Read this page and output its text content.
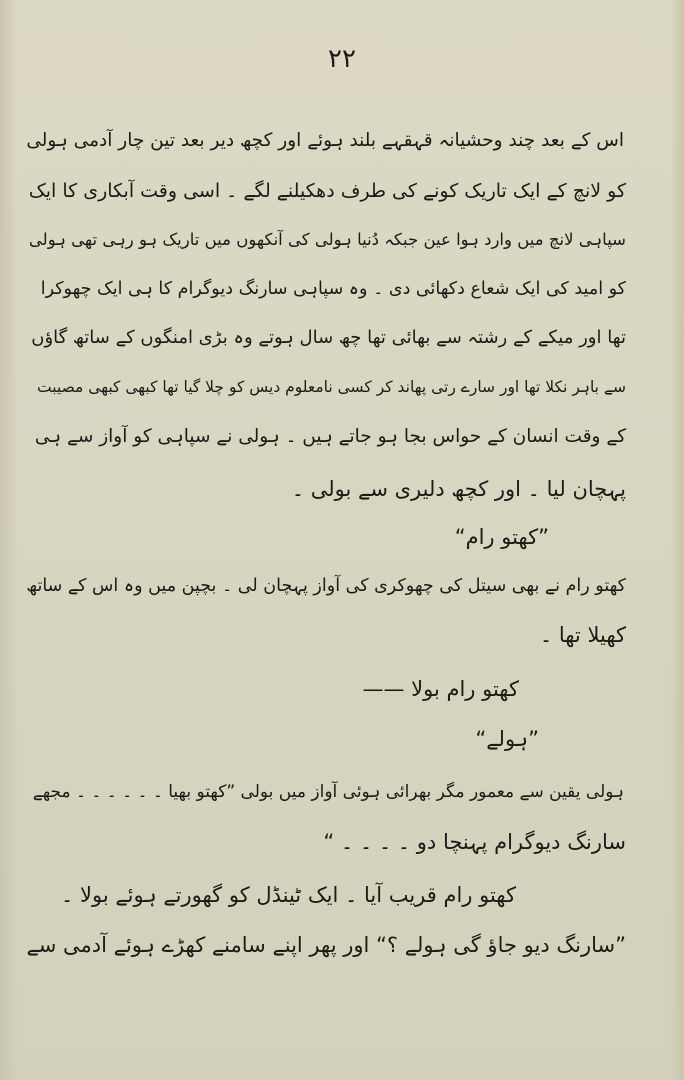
۲۲
اس کے بعد چند وحشیانہ قہقہے بلند ہوئے اور کچھ دیر بعد تین چار آدمی ہولی
کو لانچ کے ایک تاریک کونے کی طرف دھکیلنے لگے ۔ اسی وقت آبکاری کا ایک
سپاہی لانچ میں وارد ہوا عین جبکہ دُنیا ہولی کی آنکھوں میں تاریک ہو رہی تھی ہولی
کو امید کی ایک شعاع دکھائی دی ۔ وہ سپاہی سارنگ دیوگرام کا ہی ایک چھوکرا
تھا اور میکے کے رشتہ سے بھائی تھا چھ سال ہوتے وہ بڑی امنگوں کے ساتھ گاؤں
سے باہر نکلا تھا اور سارے رتی پھاند کر کسی نامعلوم دیس کو چلا گیا تھا کبھی کبھی مصیبت
کے وقت انسان کے حواس بجا ہو جاتے ہیں ۔ ہولی نے سپاہی کو آواز سے ہی
پہچان لیا ۔ اور کچھ دلیری سے بولی ۔
”کھتو رام“
کھتو رام نے بھی سیتل کی چھوکری کی آواز پہچان لی ۔ بچپن میں وہ اس کے ساتھ
کھیلا تھا ۔
کھتو رام بولا ——
”ہولے“
ہولی یقین سے معمور مگر بھرائی ہوئی آواز میں بولی ”کھتو بھیا ۔ ۔ ۔ ۔ ۔ ۔ مجھے
سارنگ دیوگرام پہنچا دو ۔ ۔ ۔ ۔ “
کھتو رام قریب آیا ۔ ایک ٹینڈل کو گھورتے ہوئے بولا ۔
”سارنگ دیو جاؤ گی ہولے ؟“ اور پھر اپنے سامنے کھڑے ہوئے آدمی سے
